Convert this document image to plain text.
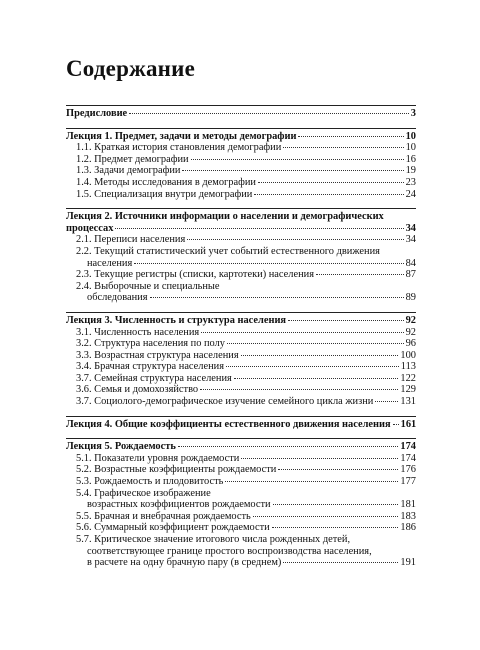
Содержание
Предисловие	3
Лекция 1. Предмет, задачи и методы демографии	10
1.1. Краткая история становления демографии	10
1.2. Предмет демографии	16
1.3. Задачи демографии	19
1.4. Методы исследования в демографии	23
1.5. Специализация внутри демографии	24
Лекция 2. Источники информации о населении и демографических
процессах	34
2.1. Переписи населения	34
2.2. Текущий статистический учет событий естественного движения
населения	84
2.3. Текущие регистры (списки, картотеки) населения	87
2.4. Выборочные и специальные
обследования	89
Лекция 3. Численность и структура населения	92
3.1. Численность населения	92
3.2. Структура населения по полу	96
3.3. Возрастная структура населения	100
3.4. Брачная структура населения	113
3.7. Семейная структура населения	122
3.6. Семья и домохозяйство	129
3.7. Социолого-демографическое изучение семейного цикла жизни	131
Лекция 4. Общие коэффициенты естественного движения населения 161
Лекция 5. Рождаемость	174
5.1. Показатели уровня рождаемости	174
5.2. Возрастные коэффициенты рождаемости	176
5.3. Рождаемость и плодовитость	177
5.4. Графическое изображение
возрастных коэффициентов рождаемости	181
5.5. Брачная и внебрачная рождаемость	183
5.6. Суммарный коэффициент рождаемости	186
5.7. Критическое значение итогового числа рожденных детей,
соответствующее границе простого воспроизводства населения,
в расчете на одну брачную пару (в среднем)	191
